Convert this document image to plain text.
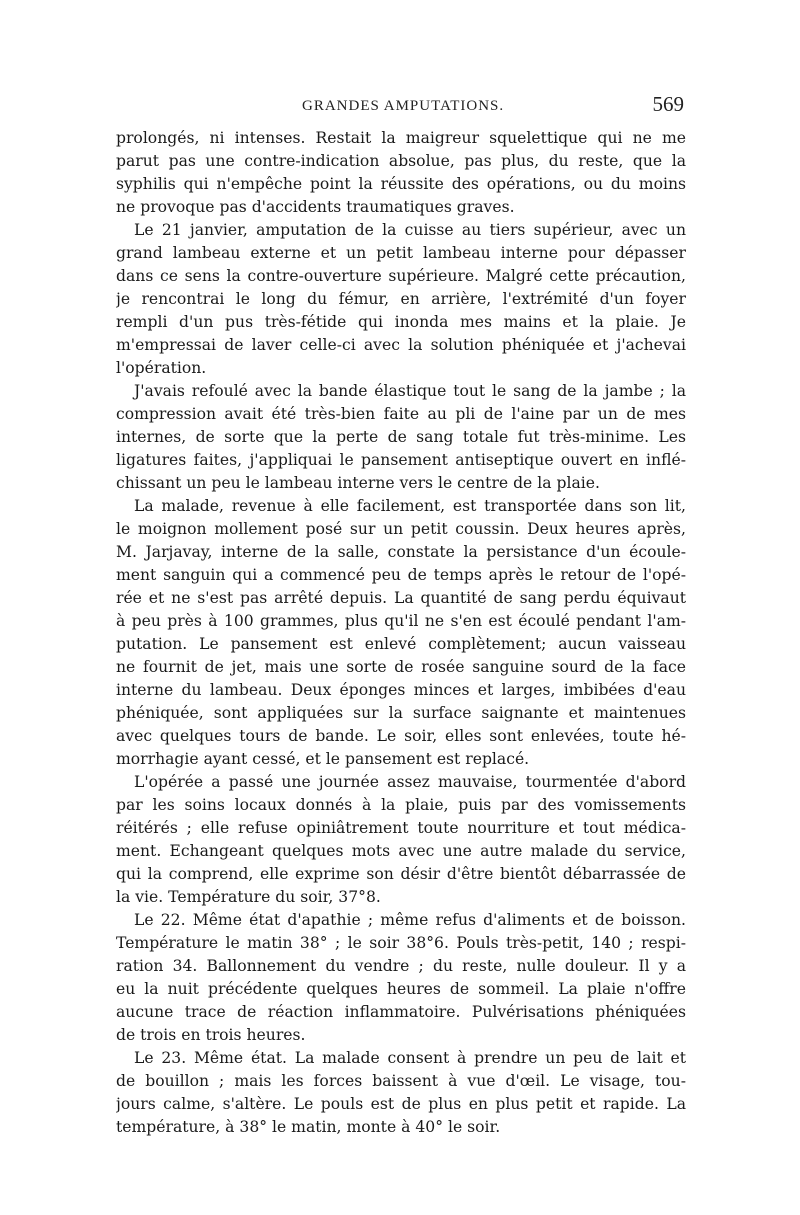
GRANDES AMPUTATIONS.	569
prolongés, ni intenses. Restait la maigreur squelettique qui ne me
parut pas une contre-indication absolue, pas plus, du reste, que la
syphilis qui n'empêche point la réussite des opérations, ou du moins
ne provoque pas d'accidents traumatiques graves.
Le 21 janvier, amputation de la cuisse au tiers supérieur, avec un
grand lambeau externe et un petit lambeau interne pour dépasser
dans ce sens la contre-ouverture supérieure. Malgré cette précaution,
je rencontrai le long du fémur, en arrière, l'extrémité d'un foyer
rempli d'un pus très-fétide qui inonda mes mains et la plaie. Je
m'empressai de laver celle-ci avec la solution phéniquée et j'achevai
l'opération.
J'avais refoulé avec la bande élastique tout le sang de la jambe ; la
compression avait été très-bien faite au pli de l'aine par un de mes
internes, de sorte que la perte de sang totale fut très-minime. Les
ligatures faites, j'appliquai le pansement antiseptique ouvert en inflé-
chissant un peu le lambeau interne vers le centre de la plaie.
La malade, revenue à elle facilement, est transportée dans son lit,
le moignon mollement posé sur un petit coussin. Deux heures après,
M. Jarjavay, interne de la salle, constate la persistance d'un écoule-
ment sanguin qui a commencé peu de temps après le retour de l'opé-
rée et ne s'est pas arrêté depuis. La quantité de sang perdu équivaut
à peu près à 100 grammes, plus qu'il ne s'en est écoulé pendant l'am-
putation. Le pansement est enlevé complètement; aucun vaisseau
ne fournit de jet, mais une sorte de rosée sanguine sourd de la face
interne du lambeau. Deux éponges minces et larges, imbibées d'eau
phéniquée, sont appliquées sur la surface saignante et maintenues
avec quelques tours de bande. Le soir, elles sont enlevées, toute hé-
morrhagie ayant cessé, et le pansement est replacé.
L'opérée a passé une journée assez mauvaise, tourmentée d'abord
par les soins locaux donnés à la plaie, puis par des vomissements
réitérés ; elle refuse opiniâtrement toute nourriture et tout médica-
ment. Echangeant quelques mots avec une autre malade du service,
qui la comprend, elle exprime son désir d'être bientôt débarrassée de
la vie. Température du soir, 37°8.
Le 22. Même état d'apathie ; même refus d'aliments et de boisson.
Température le matin 38° ; le soir 38°6. Pouls très-petit, 140 ; respi-
ration 34. Ballonnement du vendre ; du reste, nulle douleur. Il y a
eu la nuit précédente quelques heures de sommeil. La plaie n'offre
aucune trace de réaction inflammatoire. Pulvérisations phéniquées
de trois en trois heures.
Le 23. Même état. La malade consent à prendre un peu de lait et
de bouillon ; mais les forces baissent à vue d'œil. Le visage, tou-
jours calme, s'altère. Le pouls est de plus en plus petit et rapide. La
température, à 38° le matin, monte à 40° le soir.
